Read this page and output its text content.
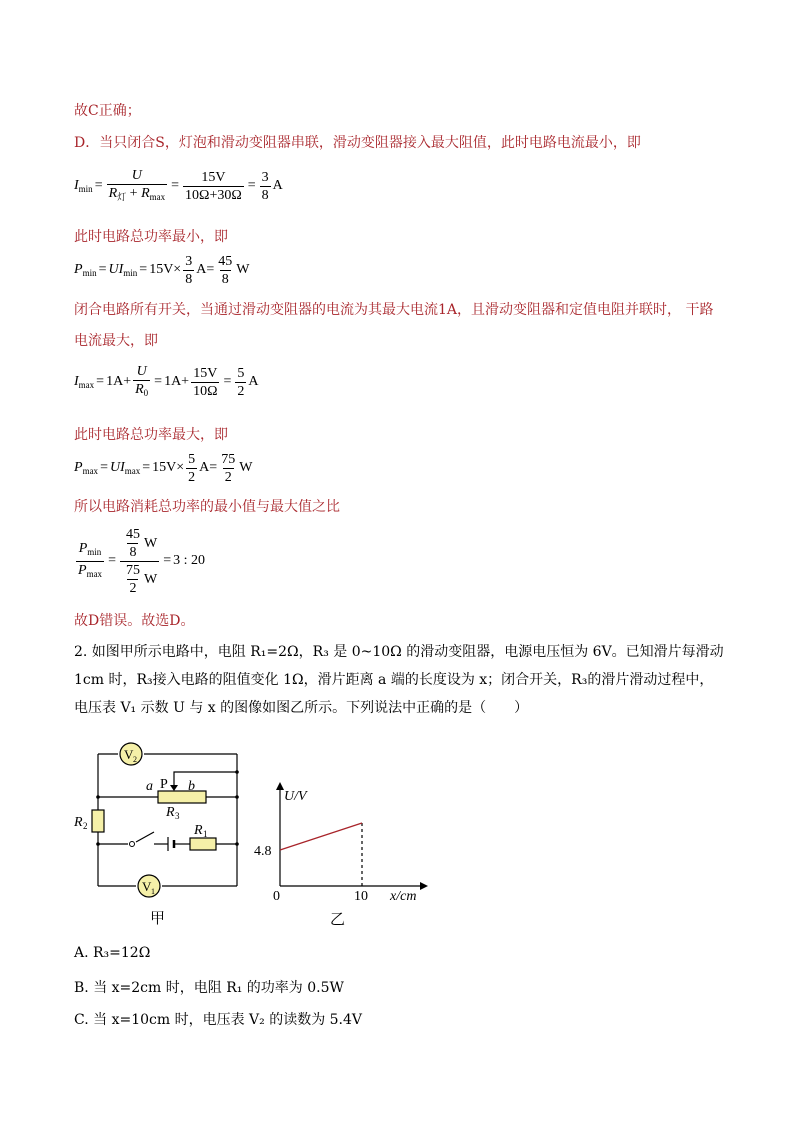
故C正确；
D．当只闭合S，灯泡和滑动变阻器串联，滑动变阻器接入最大阻值，此时电路电流最小，即
$I_{min} = \frac{U}{R_灯 + R_{max}} = \frac{15V}{10\Omega+30\Omega} = \frac{3}{8}$ A
此时电路总功率最小，即
$P_{min} = UI_{min} = 15V\times \frac{3}{8} A= \frac{45}{8}$ W
闭合电路所有开关，当通过滑动变阻器的电流为其最大电流1A，且滑动变阻器和定值电阻并联时， 干路
电流最大，即
$I_{max} = 1A+ \frac{U}{R_0} = 1A+ \frac{15V}{10\Omega} = \frac{5}{2}$ A
此时电路总功率最大，即
$P_{max} = UI_{max} = 15V\times \frac{5}{2} A= \frac{75}{2}$ W
所以电路消耗总功率的最小值与最大值之比
$\frac{P_{min}}{P_{max}} = \frac{\frac{45}{8} W}{\frac{75}{2} W} = 3$ : 20
故D错误。故选D。
2. 如图甲所示电路中，电阻 R₁=2Ω，R₃ 是 0~10Ω 的滑动变阻器，电源电压恒为 6V。已知滑片每滑动 1cm 时，R₃接入电路的阻值变化 1Ω，滑片距离 a 端的长度设为 x；闭合开关，R₃的滑片滑动过程中，电压表 V₁ 示数 U 与 x 的图像如图乙所示。下列说法中正确的是（　　）
V 2
V 1
a P b
R 3
R 2	R 1
甲
U/V
x/cm
0
4.8
10
乙
A. R₃=12Ω
B. 当 x=2cm 时，电阻 R₁ 的功率为 0.5W
C. 当 x=10cm 时，电压表 V₂ 的读数为 5.4V
